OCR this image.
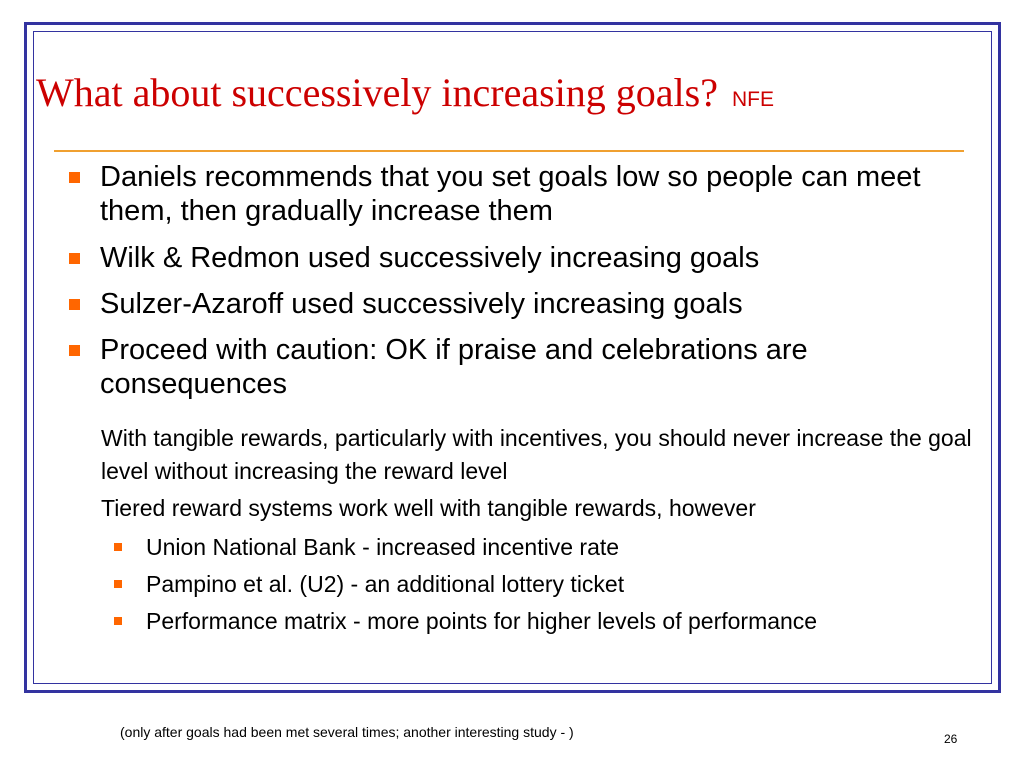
What about successively increasing goals? NFE

Daniels recommends that you set goals low so people can meet them, then gradually increase them

Wilk & Redmon used successively increasing goals

Sulzer-Azaroff used successively increasing goals

Proceed with caution: OK if praise and celebrations are consequences

With tangible rewards, particularly with incentives, you should never increase the goal level without increasing the reward level

Tiered reward systems work well with tangible rewards, however

Union National Bank - increased incentive rate

Pampino et al. (U2) - an additional lottery ticket

Performance matrix - more points for higher levels of performance

(only after goals had been met several times; another interesting study - )	26
